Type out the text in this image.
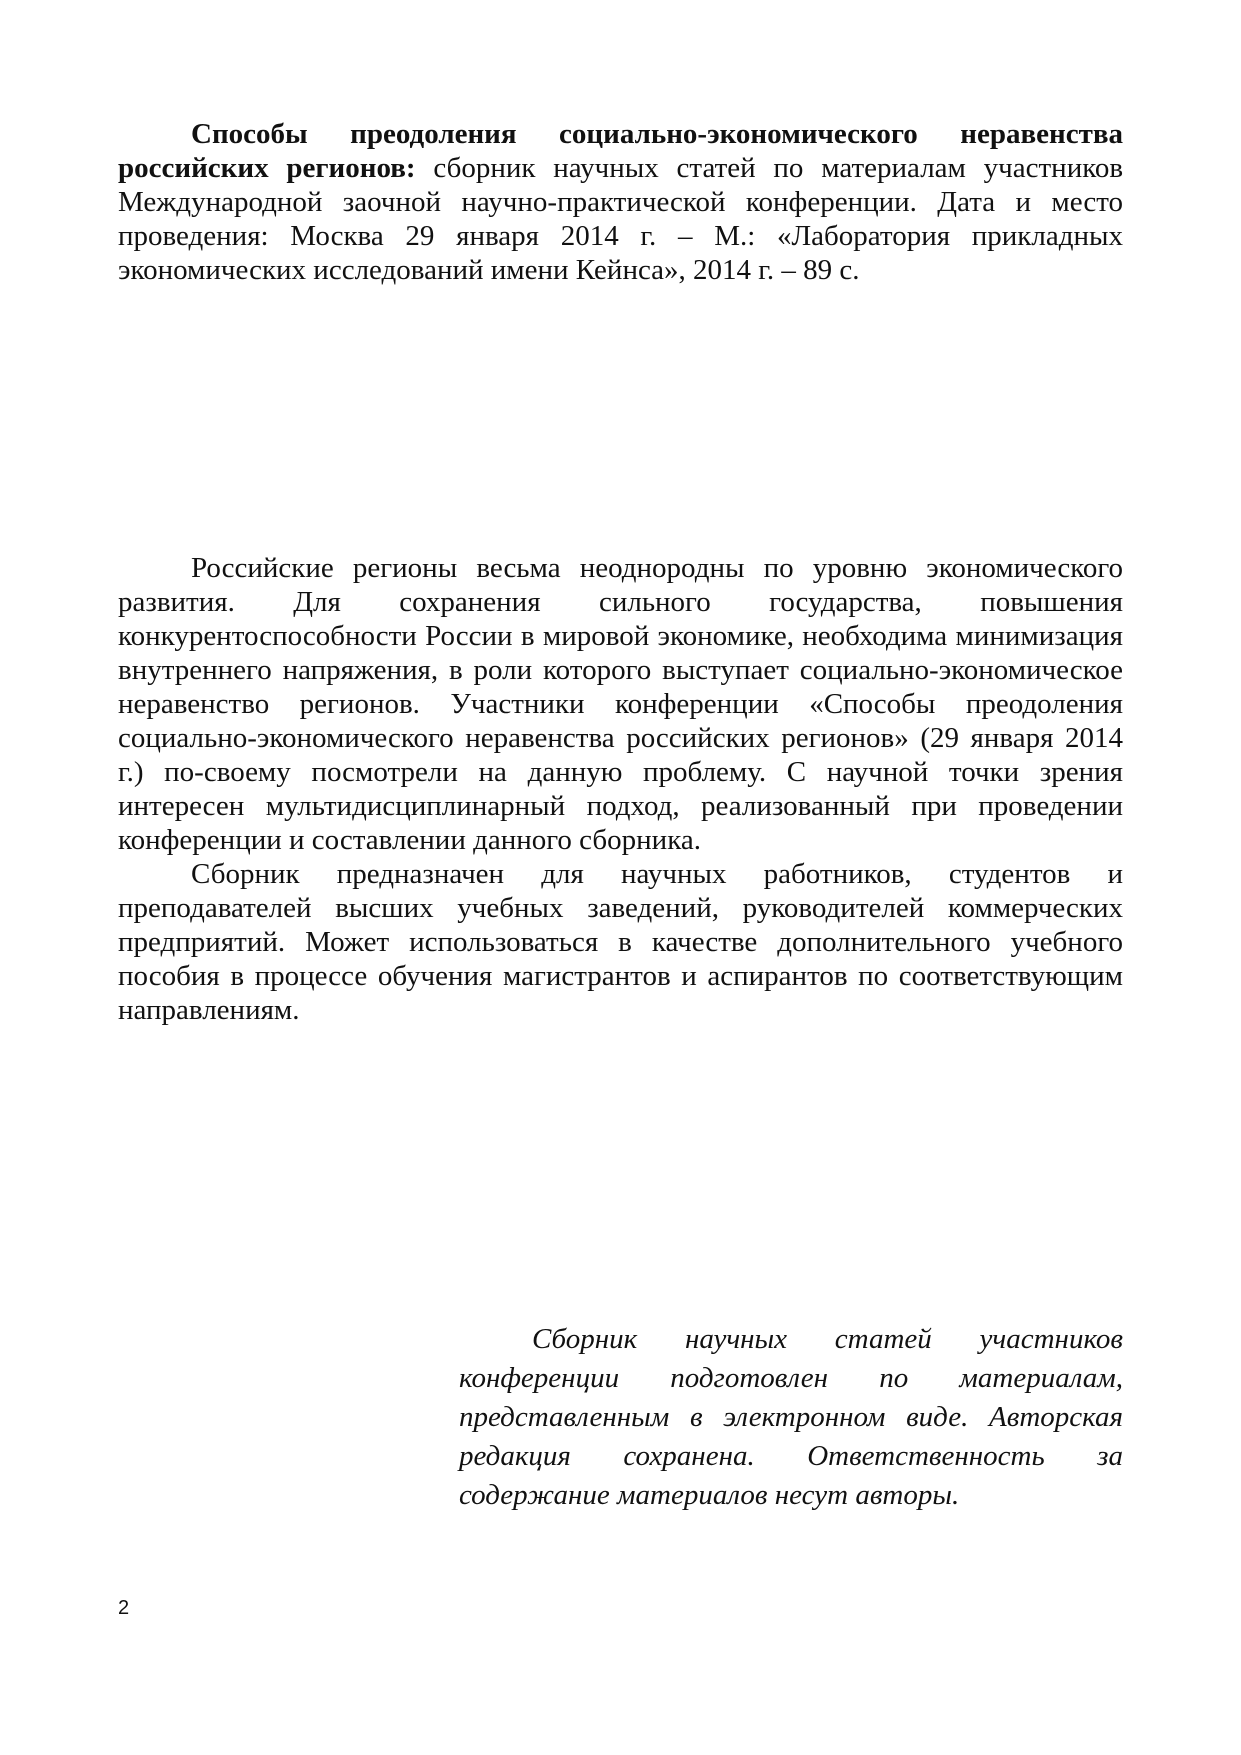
Способы преодоления социально-экономического неравенства российских регионов: сборник научных статей по материалам участников Международной заочной научно-практической конференции. Дата и место проведения: Москва 29 января 2014 г. – М.: «Лаборатория прикладных экономических исследований имени Кейнса», 2014 г. – 89 с.

Российские регионы весьма неоднородны по уровню экономического развития. Для сохранения сильного государства, повышения конкурентоспособности России в мировой экономике, необходима минимизация внутреннего напряжения, в роли которого выступает социально-экономическое неравенство регионов. Участники конференции «Способы преодоления социально-экономического неравенства российских регионов» (29 января 2014 г.) по-своему посмотрели на данную проблему. С научной точки зрения интересен мультидисциплинарный подход, реализованный при проведении конференции и составлении данного сборника.

Сборник предназначен для научных работников, студентов и преподавателей высших учебных заведений, руководителей коммерческих предприятий. Может использоваться в качестве дополнительного учебного пособия в процессе обучения магистрантов и аспирантов по соответствующим направлениям.

Сборник научных статей участников конференции подготовлен по материалам, представленным в электронном виде. Авторская редакция сохранена. Ответственность за содержание материалов несут авторы.

2
